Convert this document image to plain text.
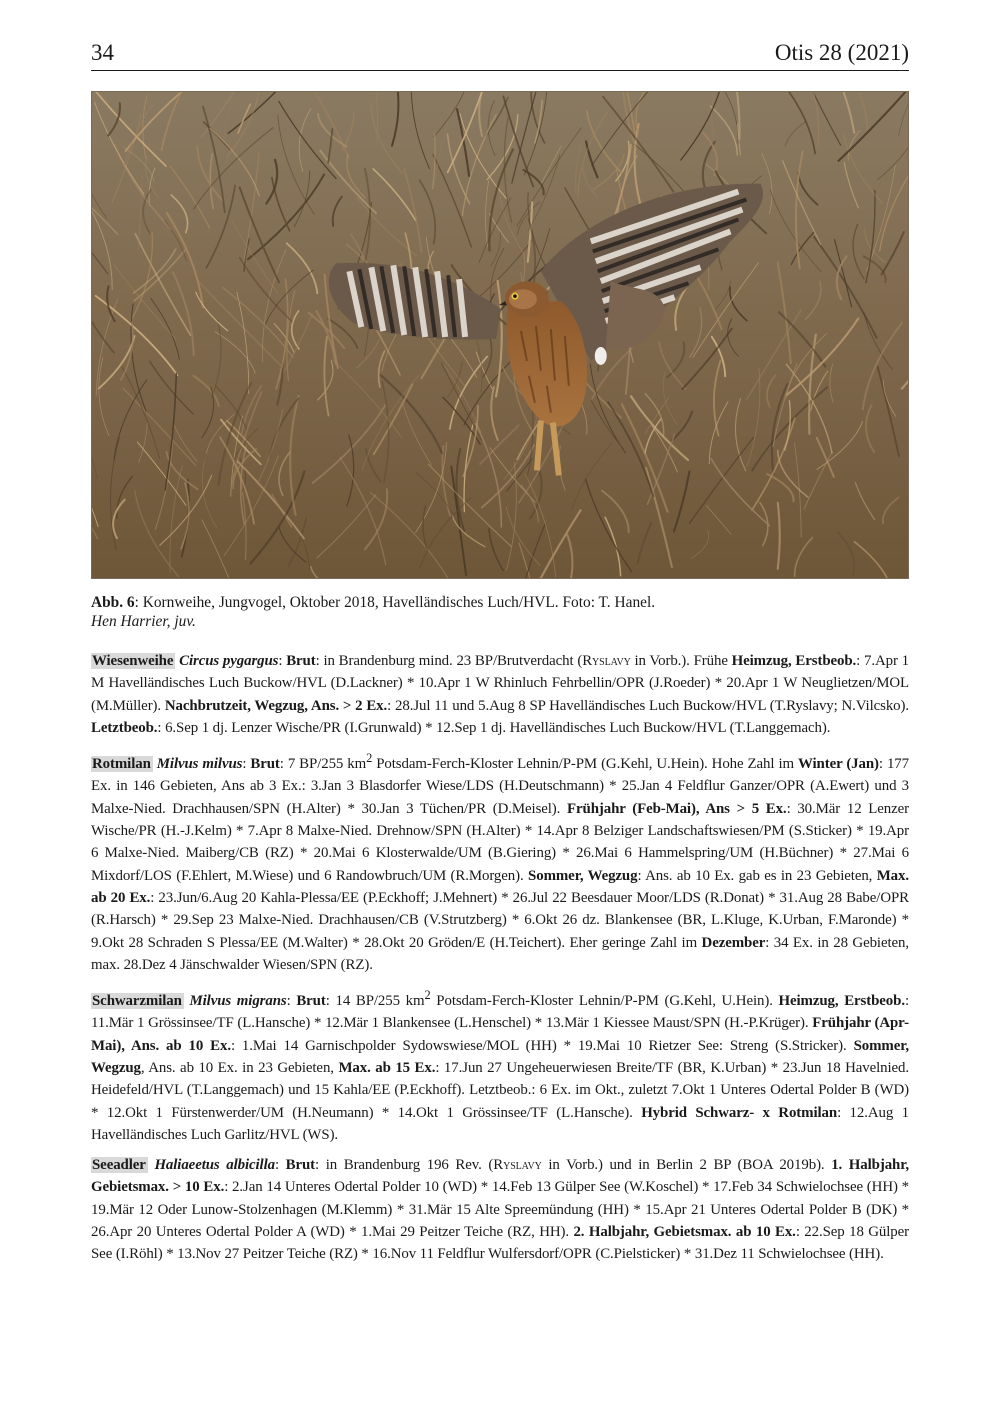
34	Otis 28 (2021)
Abb. 6: Kornweihe, Jungvogel, Oktober 2018, Havelländisches Luch/HVL. Foto: T. Hanel.
Hen Harrier, juv.

Wiesenweihe Circus pygargus: Brut: in Brandenburg mind. 23 BP/Brutverdacht (Ryslavy in Vorb.). Frühe Heimzug, Erstbeob.: 7.Apr 1 M Havelländisches Luch Buckow/HVL (D.Lackner) * 10.Apr 1 W Rhinluch Fehrbellin/OPR (J.Roeder) * 20.Apr 1 W Neuglietzen/MOL (M.Müller). Nachbrutzeit, Wegzug, Ans. > 2 Ex.: 28.Jul 11 und 5.Aug 8 SP Havelländisches Luch Buckow/HVL (T.Ryslavy; N.Vilcsko). Letztbeob.: 6.Sep 1 dj. Lenzer Wische/PR (I.Grunwald) * 12.Sep 1 dj. Havelländisches Luch Buckow/HVL (T.Langgemach).

Rotmilan Milvus milvus: Brut: 7 BP/255 $km^2$ Potsdam-Ferch-Kloster Lehnin/P-PM (G.Kehl, U.Hein). Hohe Zahl im Winter (Jan): 177 Ex. in 146 Gebieten, Ans ab 3 Ex.: 3.Jan 3 Blasdorfer Wiese/LDS (H.Deutschmann) * 25.Jan 4 Feldflur Ganzer/OPR (A.Ewert) und 3 Malxe-Nied. Drachhausen/SPN (H.Alter) * 30.Jan 3 Tüchen/PR (D.Meisel). Frühjahr (Feb-Mai), Ans > 5 Ex.: 30.Mär 12 Lenzer Wische/PR (H.-J.Kelm) * 7.Apr 8 Malxe-Nied. Drehnow/SPN (H.Alter) * 14.Apr 8 Belziger Landschaftswiesen/PM (S.Sticker) * 19.Apr 6 Malxe-Nied. Maiberg/CB (RZ) * 20.Mai 6 Klosterwalde/UM (B.Giering) * 26.Mai 6 Hammelspring/UM (H.Büchner) * 27.Mai 6 Mixdorf/LOS (F.Ehlert, M.Wiese) und 6 Randowbruch/UM (R.Morgen). Sommer, Wegzug: Ans. ab 10 Ex. gab es in 23 Gebieten, Max. ab 20 Ex.: 23.Jun/6.Aug 20 Kahla-Plessa/EE (P.Eckhoff; J.Mehnert) * 26.Jul 22 Beesdauer Moor/LDS (R.Donat) * 31.Aug 28 Babe/OPR (R.Harsch) * 29.Sep 23 Malxe-Nied. Drachhausen/CB (V.Strutzberg) * 6.Okt 26 dz. Blankensee (BR, L.Kluge, K.Urban, F.Maronde) * 9.Okt 28 Schraden S Plessa/EE (M.Walter) * 28.Okt 20 Gröden/E (H.Teichert). Eher geringe Zahl im Dezember: 34 Ex. in 28 Gebieten, max. 28.Dez 4 Jänschwalder Wiesen/SPN (RZ).

Schwarzmilan Milvus migrans: Brut: 14 BP/255 $km^2$ Potsdam-Ferch-Kloster Lehnin/P-PM (G.Kehl, U.Hein). Heimzug, Erstbeob.: 11.Mär 1 Grössinsee/TF (L.Hansche) * 12.Mär 1 Blankensee (L.Henschel) * 13.Mär 1 Kiessee Maust/SPN (H.-P.Krüger). Frühjahr (Apr-Mai), Ans. ab 10 Ex.: 1.Mai 14 Garnischpolder Sydowswiese/MOL (HH) * 19.Mai 10 Rietzer See: Streng (S.Stricker). Sommer, Wegzug, Ans. ab 10 Ex. in 23 Gebieten, Max. ab 15 Ex.: 17.Jun 27 Ungeheuerwiesen Breite/TF (BR, K.Urban) * 23.Jun 18 Havelnied. Heidefeld/HVL (T.Langgemach) und 15 Kahla/EE (P.Eckhoff). Letztbeob.: 6 Ex. im Okt., zuletzt 7.Okt 1 Unteres Odertal Polder B (WD) * 12.Okt 1 Fürstenwerder/UM (H.Neumann) * 14.Okt 1 Grössinsee/TF (L.Hansche). Hybrid Schwarz- x Rotmilan: 12.Aug 1 Havelländisches Luch Garlitz/HVL (WS).

Seeadler Haliaeetus albicilla: Brut: in Brandenburg 196 Rev. (Ryslavy in Vorb.) und in Berlin 2 BP (BOA 2019b). 1. Halbjahr, Gebietsmax. > 10 Ex.: 2.Jan 14 Unteres Odertal Polder 10 (WD) * 14.Feb 13 Gülper See (W.Koschel) * 17.Feb 34 Schwielochsee (HH) * 19.Mär 12 Oder Lunow-Stolzenhagen (M.Klemm) * 31.Mär 15 Alte Spreemündung (HH) * 15.Apr 21 Unteres Odertal Polder B (DK) * 26.Apr 20 Unteres Odertal Polder A (WD) * 1.Mai 29 Peitzer Teiche (RZ, HH). 2. Halbjahr, Gebietsmax. ab 10 Ex.: 22.Sep 18 Gülper See (I.Röhl) * 13.Nov 27 Peitzer Teiche (RZ) * 16.Nov 11 Feldflur Wulfersdorf/OPR (C.Pielsticker) * 31.Dez 11 Schwielochsee (HH).
